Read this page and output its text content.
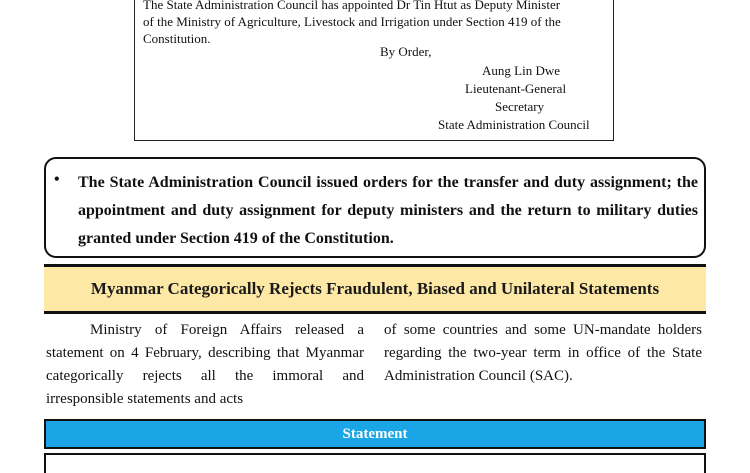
The State Administration Council has appointed Dr Tin Htut as Deputy Minister
of the Ministry of Agriculture, Livestock and Irrigation under Section 419 of the
Constitution.
By Order,
Aung Lin Dwe
Lieutenant-General
Secretary
State Administration Council
• The State Administration Council issued orders for the transfer and duty assignment; the appointment and duty assignment for deputy ministers and the return to military duties granted under Section 419 of the Constitution.
Myanmar Categorically Rejects Fraudulent, Biased and Unilateral Statements
Ministry of Foreign Affairs released a statement on 4 February, describing that Myanmar categorically rejects all the immoral and irresponsible statements and acts
of some countries and some UN-mandate holders regarding the two-year term in office of the State Administration Council (SAC).
Statement
